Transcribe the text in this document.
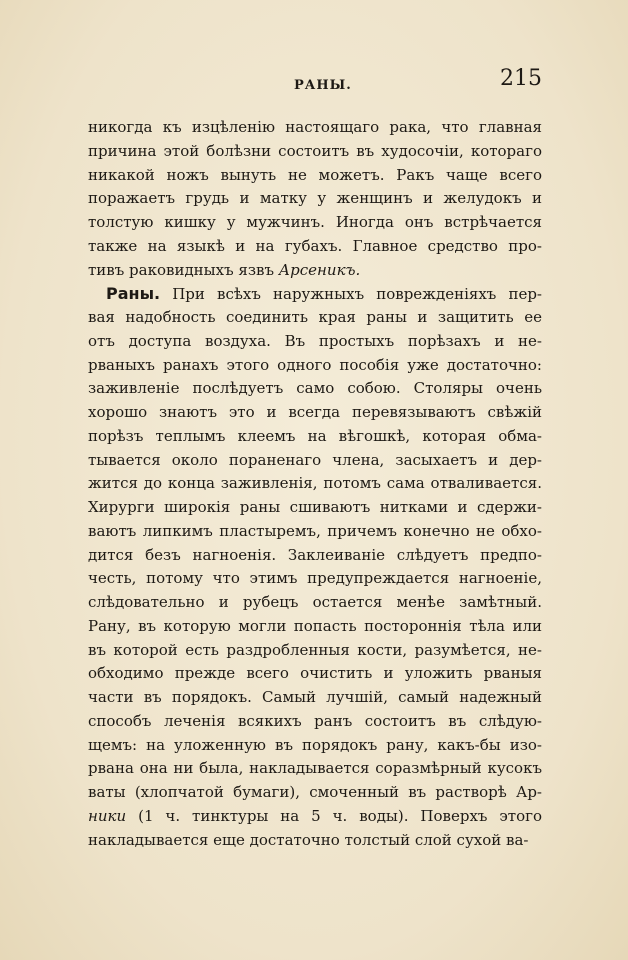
РАНЫ.	215
никогда къ изцѣленію настоящаго рака, что главная
причина этой болѣзни состоитъ въ худосочіи, котораго
никакой ножъ вынуть не можетъ. Ракъ чаще всего
поражаетъ грудь и матку у женщинъ и желудокъ и
толстую кишку у мужчинъ. Иногда онъ встрѣчается
также на языкѣ и на губахъ. Главное средство про-
тивъ раковидныхъ язвъ Арсеникъ.
Раны. При всѣхъ наружныхъ повреждeніяхъ пер-
вая надобность соединить края раны и защитить ее
отъ доступа воздуха. Въ простыхъ порѣзахъ и не-
рваныхъ ранахъ этого одного пособія уже достаточно:
заживленіе послѣдуетъ само собою. Столяры очень
хорошо знаютъ это и всегда перевязываютъ свѣжій
порѣзъ теплымъ клеемъ на вѣгошкѣ, которая обма-
тывается около пораненаго члена, засыхаетъ и дер-
жится до конца заживленія, потомъ сама отваливается.
Хирурги широкія раны сшиваютъ нитками и сдержи-
ваютъ липкимъ пластыремъ, причемъ конечно не обхо-
дится безъ нагноенія. Заклеиваніе слѣдуетъ предпо-
честь, потому что этимъ предупреждается нагноеніе,
слѣдовательно и рубецъ остается менѣе замѣтный.
Рану, въ которую могли попасть постороннія тѣла или
въ которой есть раздробленныя кости, разумѣется, не-
обходимо прежде всего очистить и уложить рваныя
части въ порядокъ. Самый лучшій, самый надежный
способъ леченія всякихъ ранъ состоитъ въ слѣдую-
щемъ: на уложенную въ порядокъ рану, какъ-бы изо-
рвана она ни была, накладывается соразмѣрный кусокъ
ваты (хлопчатой бумаги), смоченный въ растворѣ Ар-
ники (1 ч. тинктуры на 5 ч. воды). Поверхъ этого
накладывается еще достаточно толстый слой сухой ва-
